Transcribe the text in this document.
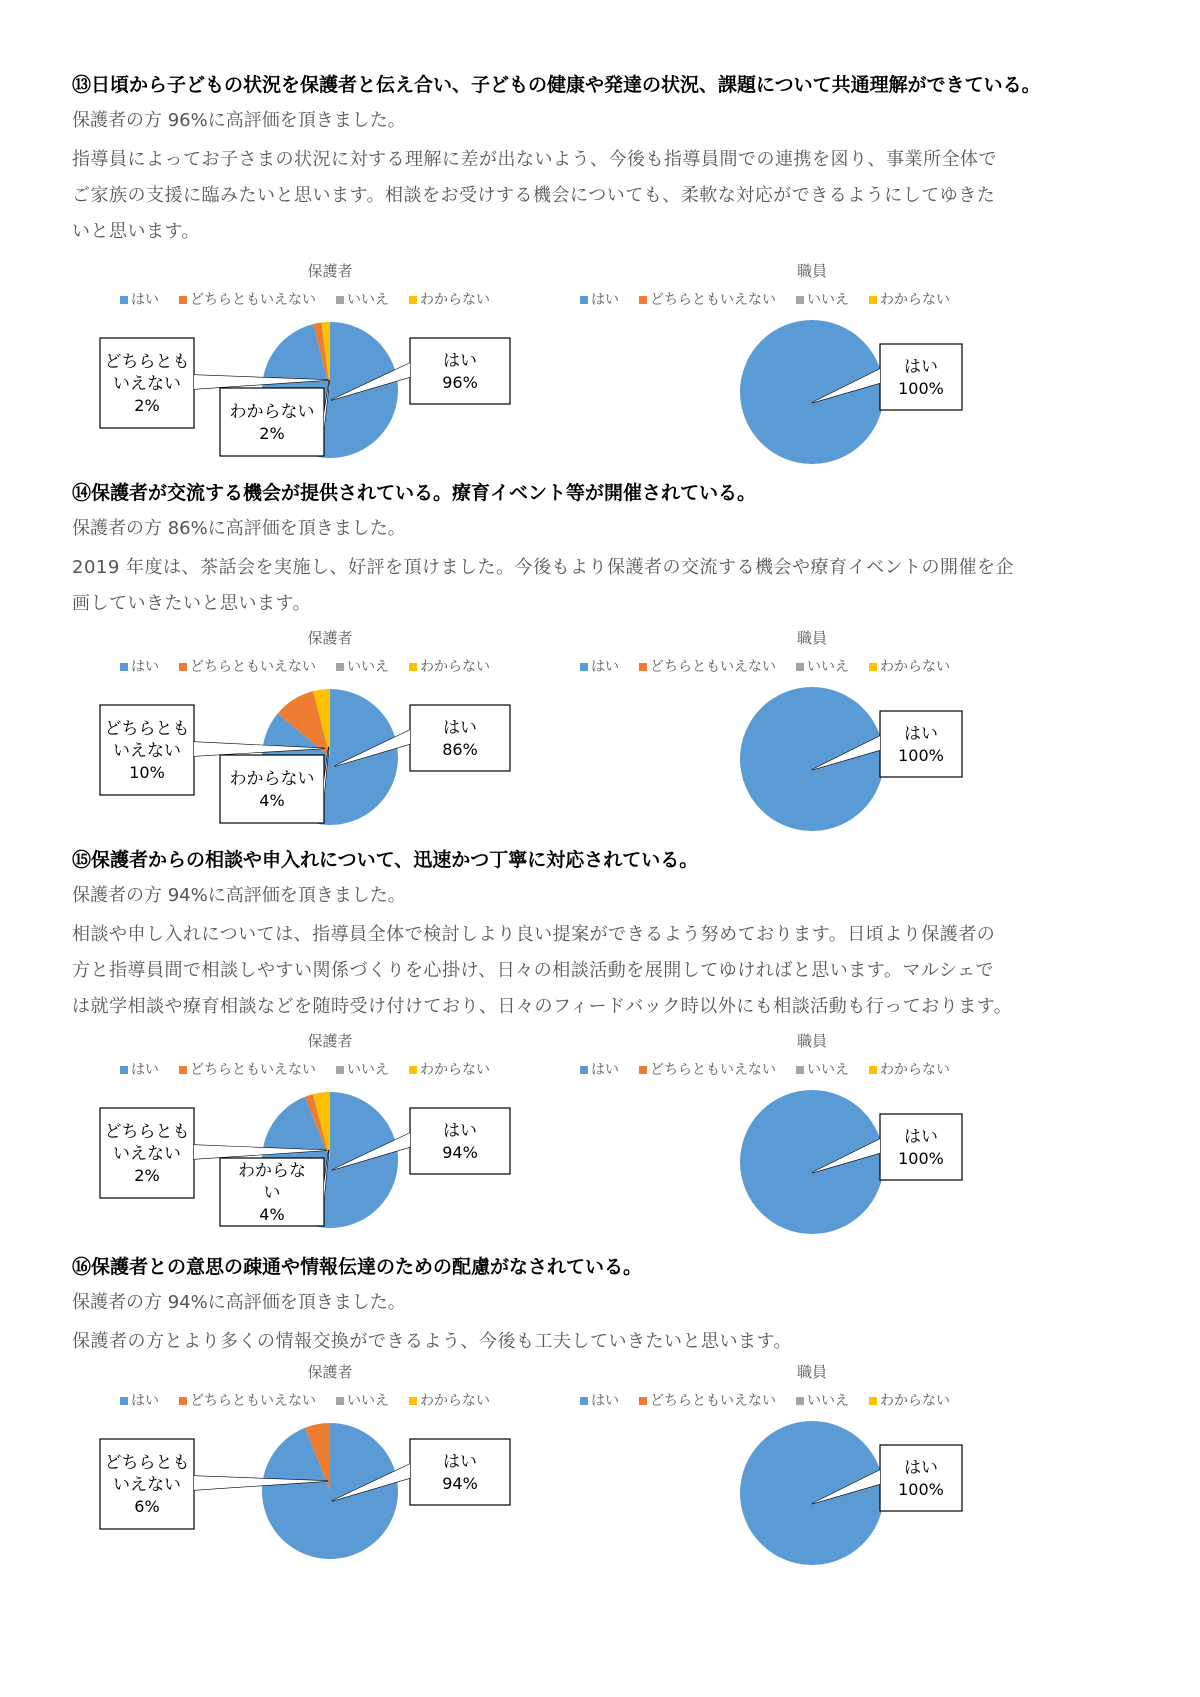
⑬日頃から子どもの状況を保護者と伝え合い、子どもの健康や発達の状況、課題について共通理解ができている。
保護者の方 96%に高評価を頂きました。
指導員によってお子さまの状況に対する理解に差が出ないよう、今後も指導員間での連携を図り、事業所全体で
ご家族の支援に臨みたいと思います。相談をお受けする機会についても、柔軟な対応ができるようにしてゆきた
いと思います。
⑭保護者が交流する機会が提供されている。療育イベント等が開催されている。
保護者の方 86%に高評価を頂きました。
2019 年度は、茶話会を実施し、好評を頂けました。今後もより保護者の交流する機会や療育イベントの開催を企
画していきたいと思います。
⑮保護者からの相談や申入れについて、迅速かつ丁寧に対応されている。
保護者の方 94%に高評価を頂きました。
相談や申し入れについては、指導員全体で検討しより良い提案ができるよう努めております。日頃より保護者の
方と指導員間で相談しやすい関係づくりを心掛け、日々の相談活動を展開してゆければと思います。マルシェで
は就学相談や療育相談などを随時受け付けており、日々のフィードバック時以外にも相談活動も行っております。
⑯保護者との意思の疎通や情報伝達のための配慮がなされている。
保護者の方 94%に高評価を頂きました。
保護者の方とより多くの情報交換ができるよう、今後も工夫していきたいと思います。
保護者
はい どちらともいえない いいえ わからない
はい
96%
どちらとも
いえない
2%	わからない
2%
職員
はい どちらともいえない いいえ わからない
はい
100%
保護者
はい どちらともいえない いいえ わからない
はい
86%
どちらとも
いえない
10%	わからない
4%
職員
はい どちらともいえない いいえ わからない
はい
100%
保護者
はい どちらともいえない いいえ わからない
はい
94%
どちらとも
いえない
2%	わからな
い
4%
職員
はい どちらともいえない いいえ わからない
はい
100%
保護者
はい どちらともいえない いいえ わからない
はい
94%
どちらとも
いえない
6%
職員
はい どちらともいえない いいえ わからない
はい
100%
